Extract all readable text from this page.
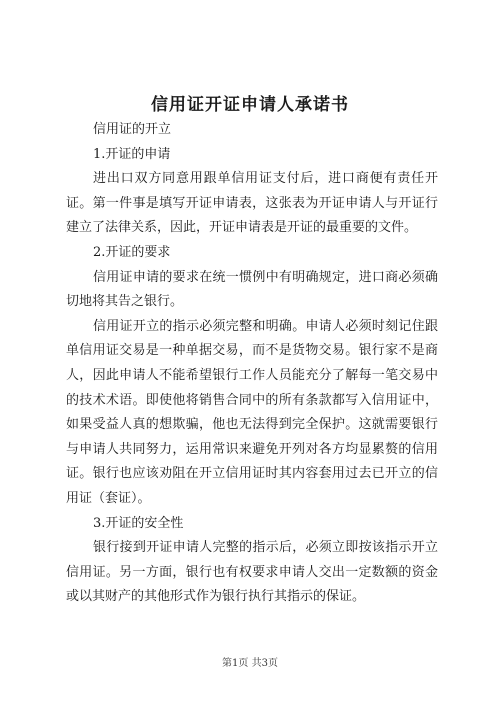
信用证开证申请人承诺书

信用证的开立

1.开证的申请

进出口双方同意用跟单信用证支付后，进口商便有责任开证。第一件事是填写开证申请表，这张表为开证申请人与开证行建立了法律关系，因此，开证申请表是开证的最重要的文件。

2.开证的要求

信用证申请的要求在统一惯例中有明确规定，进口商必须确切地将其告之银行。

信用证开立的指示必须完整和明确。申请人必须时刻记住跟单信用证交易是一种单据交易，而不是货物交易。银行家不是商人，因此申请人不能希望银行工作人员能充分了解每一笔交易中的技术术语。即使他将销售合同中的所有条款都写入信用证中，如果受益人真的想欺骗，他也无法得到完全保护。这就需要银行与申请人共同努力，运用常识来避免开列对各方均显累赘的信用证。银行也应该劝阻在开立信用证时其内容套用过去已开立的信用证（套证）。

3.开证的安全性

银行接到开证申请人完整的指示后，必须立即按该指示开立信用证。另一方面，银行也有权要求申请人交出一定数额的资金或以其财产的其他形式作为银行执行其指示的保证。

第1页 共3页
